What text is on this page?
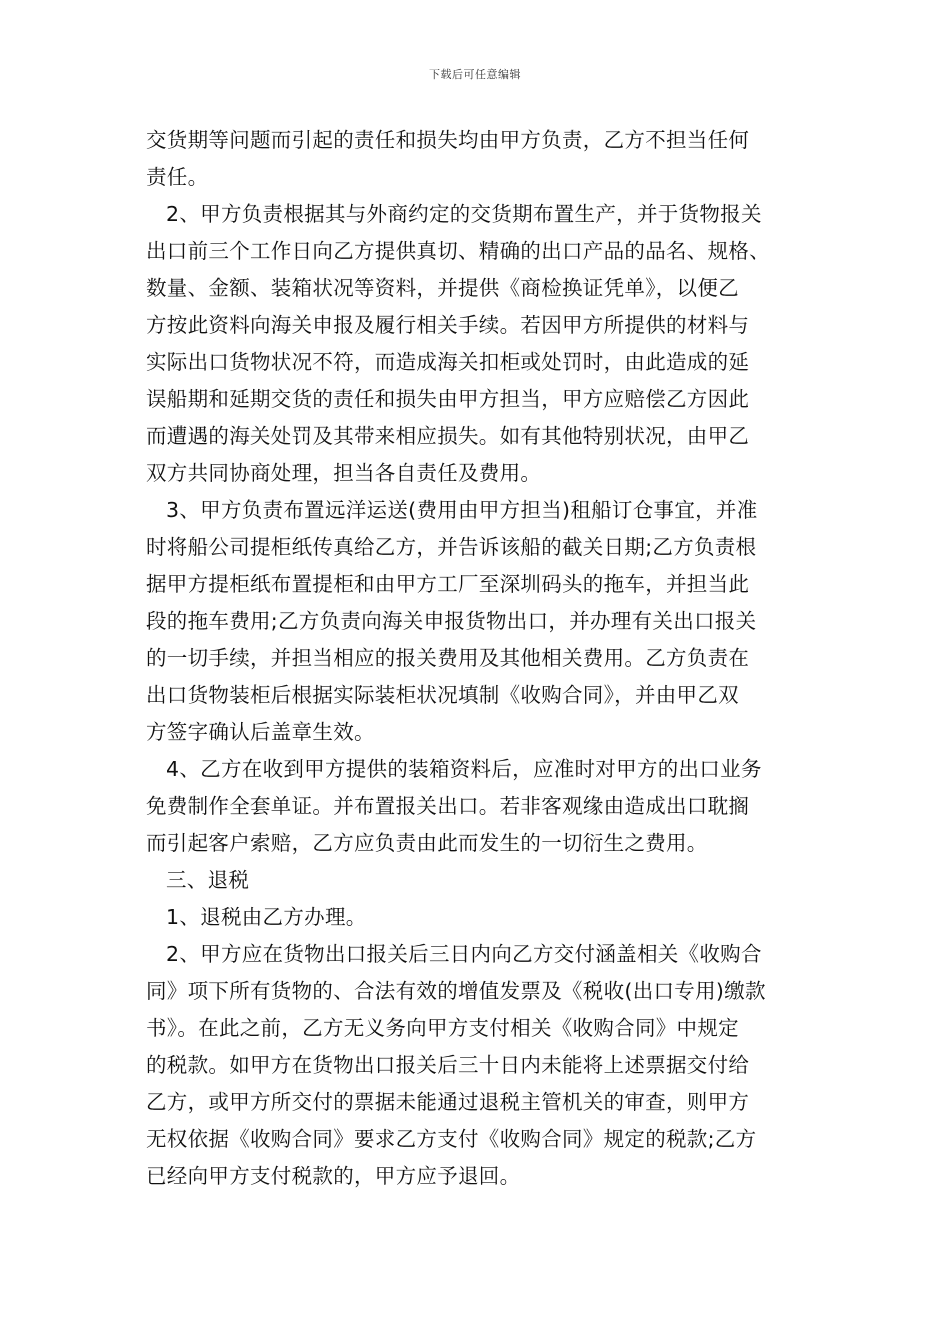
下载后可任意编辑
交货期等问题而引起的责任和损失均由甲方负责，乙方不担当任何
责任。
2、甲方负责根据其与外商约定的交货期布置生产，并于货物报关
出口前三个工作日向乙方提供真切、精确的出口产品的品名、规格、
数量、金额、装箱状况等资料，并提供《商检换证凭单》，以便乙
方按此资料向海关申报及履行相关手续。若因甲方所提供的材料与
实际出口货物状况不符，而造成海关扣柜或处罚时，由此造成的延
误船期和延期交货的责任和损失由甲方担当，甲方应赔偿乙方因此
而遭遇的海关处罚及其带来相应损失。如有其他特别状况，由甲乙
双方共同协商处理，担当各自责任及费用。
3、甲方负责布置远洋运送(费用由甲方担当)租船订仓事宜，并准
时将船公司提柜纸传真给乙方，并告诉该船的截关日期;乙方负责根
据甲方提柜纸布置提柜和由甲方工厂至深圳码头的拖车，并担当此
段的拖车费用;乙方负责向海关申报货物出口，并办理有关出口报关
的一切手续，并担当相应的报关费用及其他相关费用。乙方负责在
出口货物装柜后根据实际装柜状况填制《收购合同》，并由甲乙双
方签字确认后盖章生效。
4、乙方在收到甲方提供的装箱资料后，应准时对甲方的出口业务
免费制作全套单证。并布置报关出口。若非客观缘由造成出口耽搁
而引起客户索赔，乙方应负责由此而发生的一切衍生之费用。
三、退税
1、退税由乙方办理。
2、甲方应在货物出口报关后三日内向乙方交付涵盖相关《收购合
同》项下所有货物的、合法有效的增值发票及《税收(出口专用)缴款
书》。在此之前，乙方无义务向甲方支付相关《收购合同》中规定
的税款。如甲方在货物出口报关后三十日内未能将上述票据交付给
乙方，或甲方所交付的票据未能通过退税主管机关的审查，则甲方
无权依据《收购合同》要求乙方支付《收购合同》规定的税款;乙方
已经向甲方支付税款的，甲方应予退回。
